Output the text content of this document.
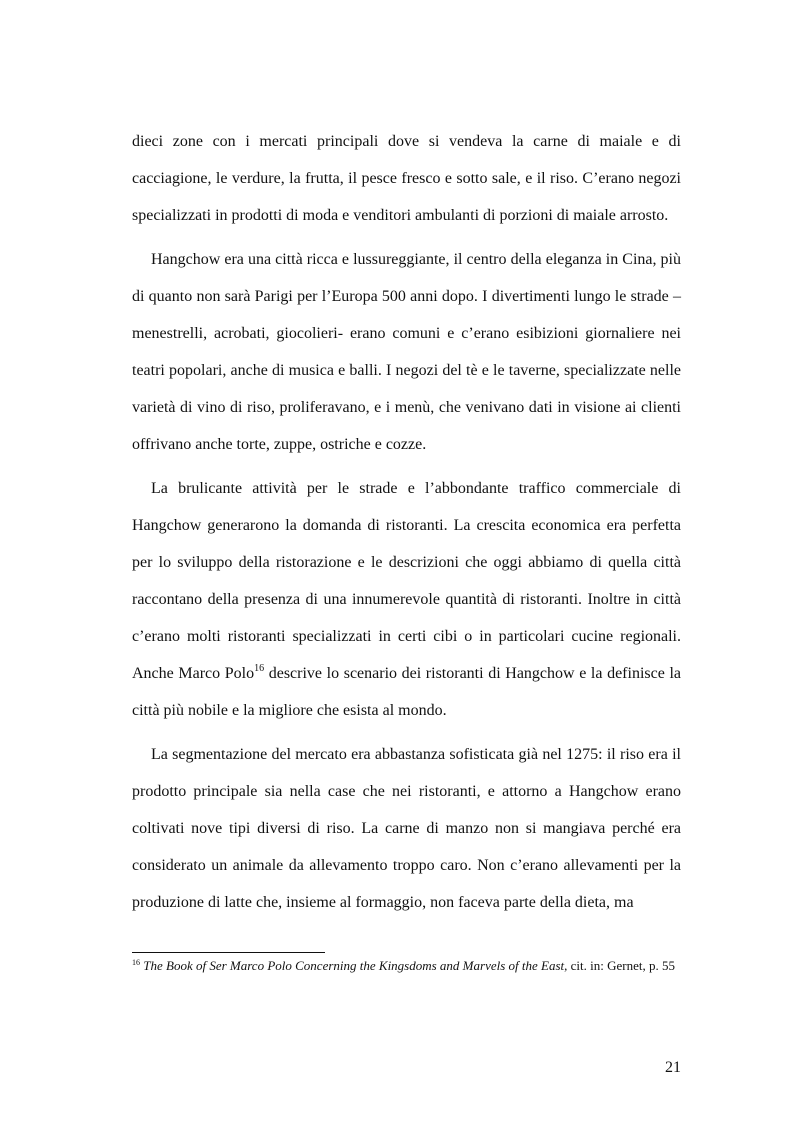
dieci zone con i mercati principali dove si vendeva la carne di maiale e di cacciagione, le verdure, la frutta, il pesce fresco e sotto sale, e il riso. C’erano negozi specializzati in prodotti di moda e venditori ambulanti di porzioni di maiale arrosto.

Hangchow era una città ricca e lussureggiante, il centro della eleganza in Cina, più di quanto non sarà Parigi per l’Europa 500 anni dopo. I divertimenti lungo le strade –menestrelli, acrobati, giocolieri- erano comuni e c’erano esibizioni giornaliere nei teatri popolari, anche di musica e balli. I negozi del tè e le taverne, specializzate nelle varietà di vino di riso, proliferavano, e i menù, che venivano dati in visione ai clienti offrivano anche torte, zuppe, ostriche e cozze.

La brulicante attività per le strade e l’abbondante traffico commerciale di Hangchow generarono la domanda di ristoranti. La crescita economica era perfetta per lo sviluppo della ristorazione e le descrizioni che oggi abbiamo di quella città raccontano della presenza di una innumerevole quantità di ristoranti. Inoltre in città c’erano molti ristoranti specializzati in certi cibi o in particolari cucine regionali. Anche Marco Polo$^{16}$ descrive lo scenario dei ristoranti di Hangchow e la definisce la città più nobile e la migliore che esista al mondo.

La segmentazione del mercato era abbastanza sofisticata già nel 1275: il riso era il prodotto principale sia nella case che nei ristoranti, e attorno a Hangchow erano coltivati nove tipi diversi di riso. La carne di manzo non si mangiava perché era considerato un animale da allevamento troppo caro. Non c’erano allevamenti per la produzione di latte che, insieme al formaggio, non faceva parte della dieta, ma

$^{16}$ The Book of Ser Marco Polo Concerning the Kingsdoms and Marvels of the East, cit. in: Gernet, p. 55
21
